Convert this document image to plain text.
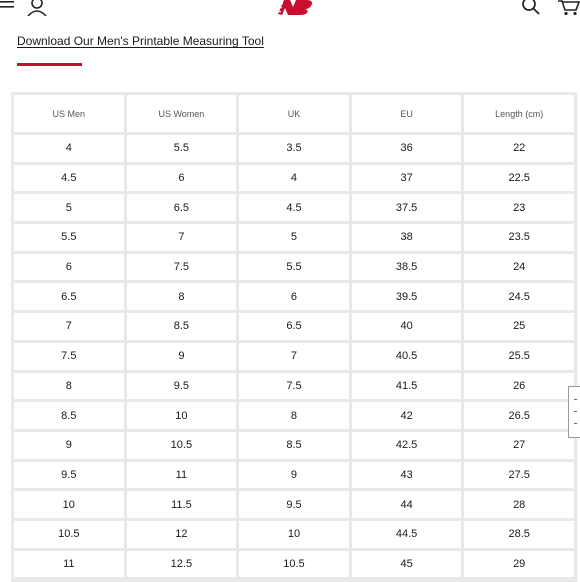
Download Our Men's Printable Measuring Tool
US Men	US Women	UK	EU	Length (cm)
4	5.5	3.5	36	22
4.5	6	4	37	22.5
5	6.5	4.5	37.5	23
5.5	7	5	38	23.5
6	7.5	5.5	38.5	24
6.5	8	6	39.5	24.5
7	8.5	6.5	40	25
7.5	9	7	40.5	25.5
8	9.5	7.5	41.5	26
8.5	10	8	42	26.5
9	10.5	8.5	42.5	27
9.5	11	9	43	27.5
10	11.5	9.5	44	28
10.5	12	10	44.5	28.5
11	12.5	10.5	45	29
